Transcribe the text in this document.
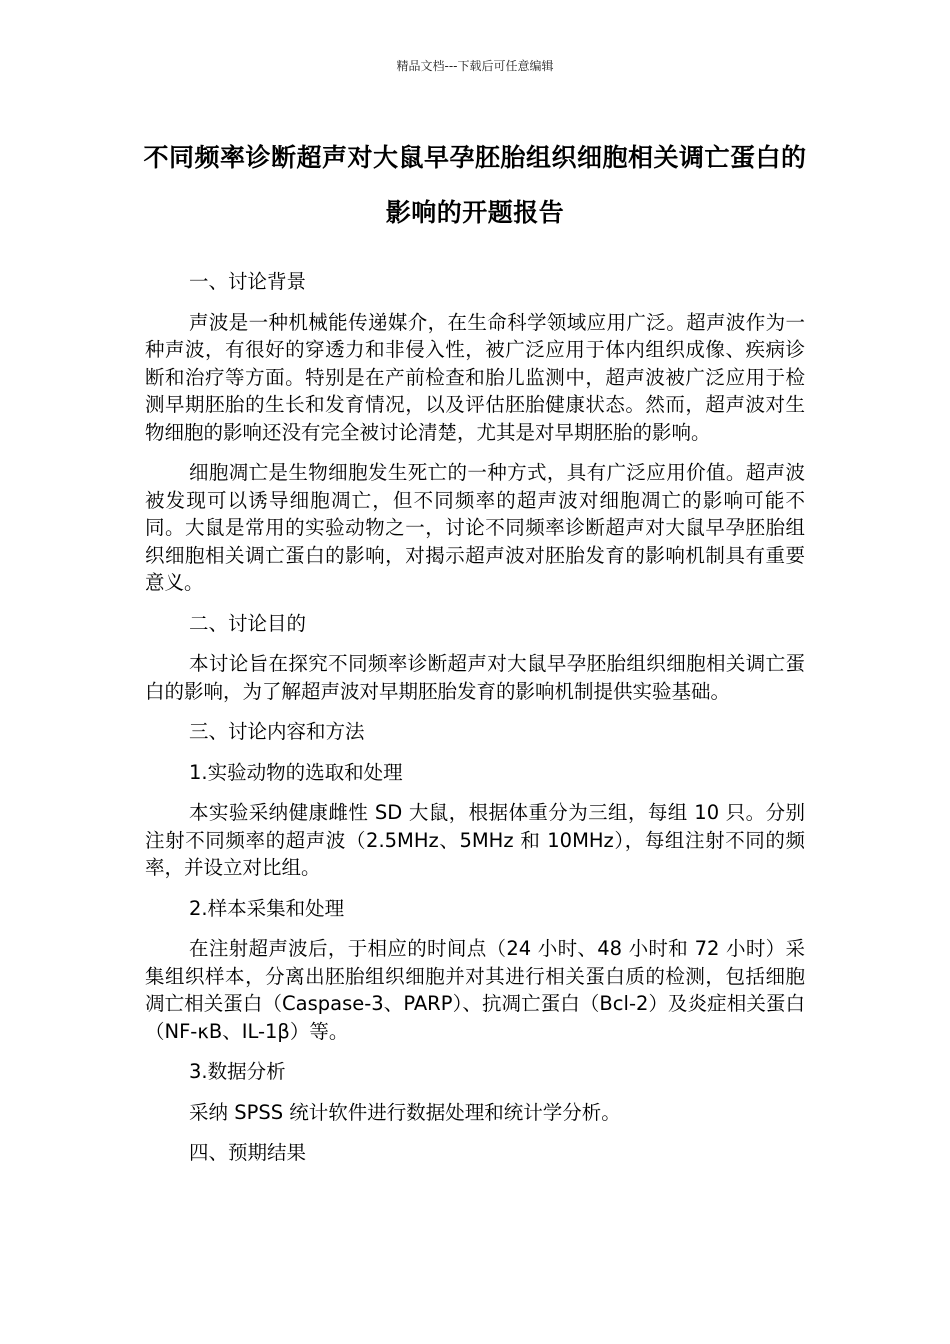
精品文档---下载后可任意编辑
不同频率诊断超声对大鼠早孕胚胎组织细胞相关调亡蛋白的影响的开题报告

一、讨论背景

声波是一种机械能传递媒介，在生命科学领域应用广泛。超声波作为一种声波，有很好的穿透力和非侵入性，被广泛应用于体内组织成像、疾病诊断和治疗等方面。特别是在产前检查和胎儿监测中，超声波被广泛应用于检测早期胚胎的生长和发育情况，以及评估胚胎健康状态。然而，超声波对生物细胞的影响还没有完全被讨论清楚，尤其是对早期胚胎的影响。

细胞凋亡是生物细胞发生死亡的一种方式，具有广泛应用价值。超声波被发现可以诱导细胞凋亡，但不同频率的超声波对细胞凋亡的影响可能不同。大鼠是常用的实验动物之一，讨论不同频率诊断超声对大鼠早孕胚胎组织细胞相关调亡蛋白的影响，对揭示超声波对胚胎发育的影响机制具有重要意义。

二、讨论目的

本讨论旨在探究不同频率诊断超声对大鼠早孕胚胎组织细胞相关调亡蛋白的影响，为了解超声波对早期胚胎发育的影响机制提供实验基础。

三、讨论内容和方法

1.实验动物的选取和处理

本实验采纳健康雌性 SD 大鼠，根据体重分为三组，每组 10 只。分别注射不同频率的超声波（2.5MHz、5MHz 和 10MHz），每组注射不同的频率，并设立对比组。

2.样本采集和处理

在注射超声波后，于相应的时间点（24 小时、48 小时和 72 小时）采集组织样本，分离出胚胎组织细胞并对其进行相关蛋白质的检测，包括细胞凋亡相关蛋白（Caspase-3、PARP）、抗凋亡蛋白（Bcl-2）及炎症相关蛋白（NF-κB、IL-1β）等。

3.数据分析

采纳 SPSS 统计软件进行数据处理和统计学分析。

四、预期结果
